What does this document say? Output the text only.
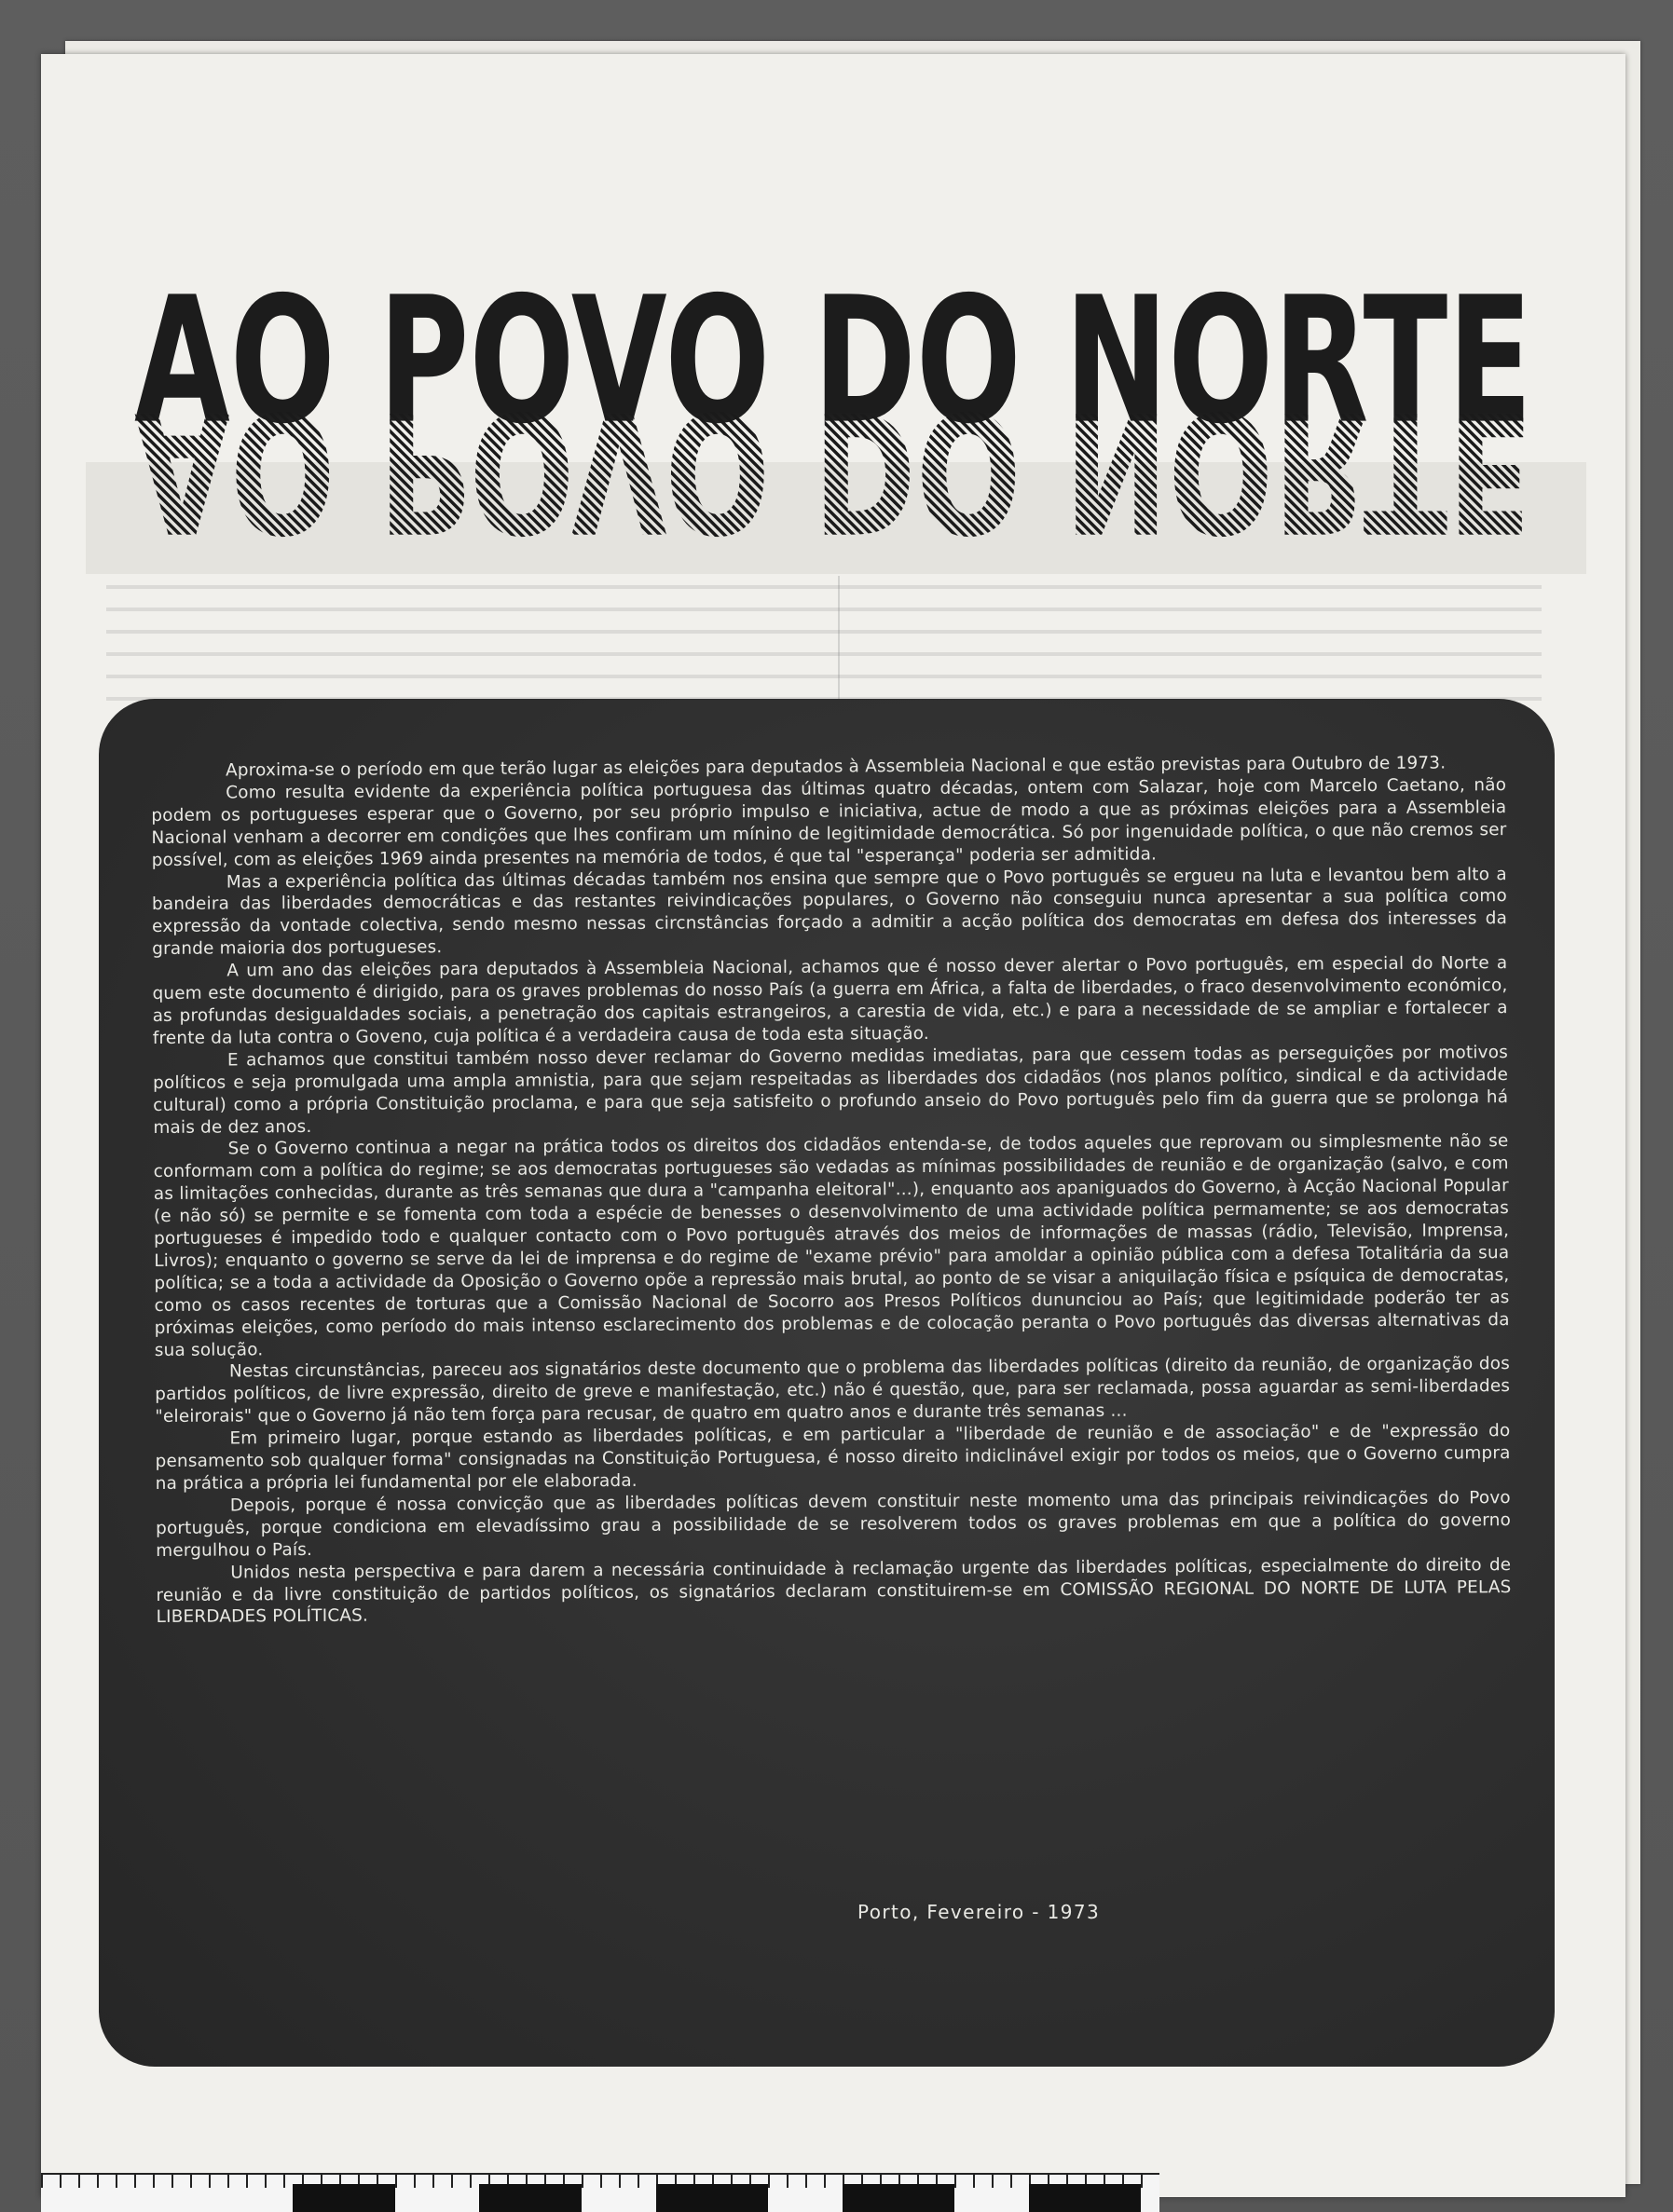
AO POVO DO NORTE
AO POVO DO NORTE

Aproxima-se o período em que terão lugar as eleições para deputados à Assembleia Nacional e que estão previstas para Outubro de 1973.

Como resulta evidente da experiência política portuguesa das últimas quatro décadas, ontem com Salazar, hoje com Marcelo Caetano, não podem os portugueses esperar que o Governo, por seu próprio impulso e iniciativa, actue de modo a que as próximas eleições para a Assembleia Nacional venham a decorrer em condições que lhes confiram um mínino de legitimidade democrática. Só por ingenuidade política, o que não cremos ser possível, com as eleições 1969 ainda presentes na memória de todos, é que tal "esperança" poderia ser admitida.

Mas a experiência política das últimas décadas também nos ensina que sempre que o Povo português se ergueu na luta e levantou bem alto a bandeira das liberdades democráticas e das restantes reivindicações populares, o Governo não conseguiu nunca apresentar a sua política como expressão da vontade colectiva, sendo mesmo nessas circnstâncias forçado a admitir a acção política dos democratas em defesa dos interesses da grande maioria dos portugueses.

A um ano das eleições para deputados à Assembleia Nacional, achamos que é nosso dever alertar o Povo português, em especial do Norte a quem este documento é dirigido, para os graves problemas do nosso País (a guerra em África, a falta de liberdades, o fraco desenvolvimento económico, as profundas desigualdades sociais, a penetração dos capitais estrangeiros, a carestia de vida, etc.) e para a necessidade de se ampliar e fortalecer a frente da luta contra o Goveno, cuja política é a verdadeira causa de toda esta situação.

E achamos que constitui também nosso dever reclamar do Governo medidas imediatas, para que cessem todas as perseguições por motivos políticos e seja promulgada uma ampla amnistia, para que sejam respeitadas as liberdades dos cidadãos (nos planos político, sindical e da actividade cultural) como a própria Constituição proclama, e para que seja satisfeito o profundo anseio do Povo português pelo fim da guerra que se prolonga há mais de dez anos.

Se o Governo continua a negar na prática todos os direitos dos cidadãos entenda-se, de todos aqueles que reprovam ou simplesmente não se conformam com a política do regime; se aos democratas portugueses são vedadas as mínimas possibilidades de reunião e de organização (salvo, e com as limitações conhecidas, durante as três semanas que dura a "campanha eleitoral"...), enquanto aos apaniguados do Governo, à Acção Nacional Popular (e não só) se permite e se fomenta com toda a espécie de benesses o desenvolvimento de uma actividade política permamente; se aos democratas portugueses é impedido todo e qualquer contacto com o Povo português através dos meios de informações de massas (rádio, Televisão, Imprensa, Livros); enquanto o governo se serve da lei de imprensa e do regime de "exame prévio" para amoldar a opinião pública com a defesa Totalitária da sua política; se a toda a actividade da Oposição o Governo opõe a repressão mais brutal, ao ponto de se visar a aniquilação física e psíquica de democratas, como os casos recentes de torturas que a Comissão Nacional de Socorro aos Presos Políticos dununciou ao País; que legitimidade poderão ter as próximas eleições, como período do mais intenso esclarecimento dos problemas e de colocação peranta o Povo português das diversas alternativas da sua solução.

Nestas circunstâncias, pareceu aos signatários deste documento que o problema das liberdades políticas (direito da reunião, de organização dos partidos políticos, de livre expressão, direito de greve e manifestação, etc.) não é questão, que, para ser reclamada, possa aguardar as semi-liberdades "eleirorais" que o Governo já não tem força para recusar, de quatro em quatro anos e durante três semanas ...

Em primeiro lugar, porque estando as liberdades políticas, e em particular a "liberdade de reunião e de associação" e de "expressão do pensamento sob qualquer forma" consignadas na Constituição Portuguesa, é nosso direito indiclinável exigir por todos os meios, que o Governo cumpra na prática a própria lei fundamental por ele elaborada.

Depois, porque é nossa convicção que as liberdades políticas devem constituir neste momento uma das principais reivindicações do Povo português, porque condiciona em elevadíssimo grau a possibilidade de se resolverem todos os graves problemas em que a política do governo mergulhou o País.

Unidos nesta perspectiva e para darem a necessária continuidade à reclamação urgente das liberdades políticas, especialmente do direito de reunião e da livre constituição de partidos políticos, os signatários declaram constituirem-se em COMISSÃO REGIONAL DO NORTE DE LUTA PELAS LIBERDADES POLÍTICAS.

Porto, Fevereiro - 1973
